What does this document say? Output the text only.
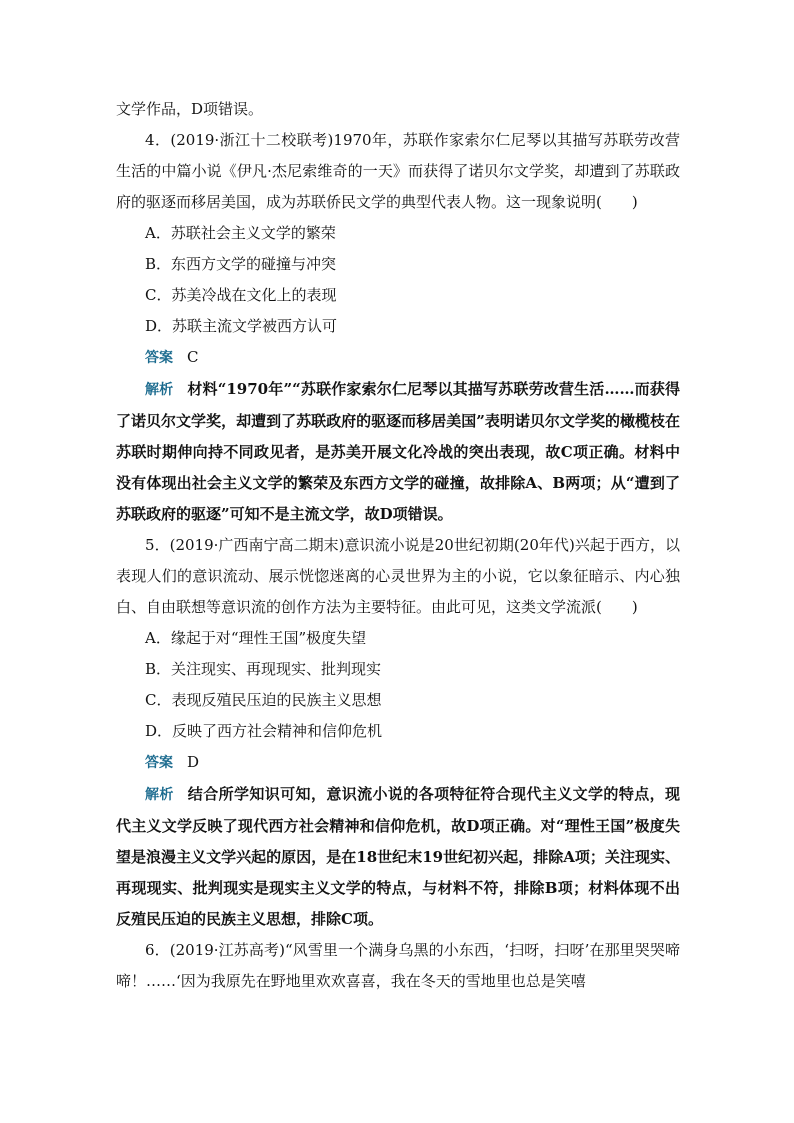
文学作品，D项错误。

4．(2019·浙江十二校联考)1970年，苏联作家索尔仁尼琴以其描写苏联劳改营生活的中篇小说《伊凡·杰尼索维奇的一天》而获得了诺贝尔文学奖，却遭到了苏联政府的驱逐而移居美国，成为苏联侨民文学的典型代表人物。这一现象说明(　　)

A．苏联社会主义文学的繁荣

B．东西方文学的碰撞与冲突

C．苏美冷战在文化上的表现

D．苏联主流文学被西方认可

答案 C

解析 材料“1970年”“苏联作家索尔仁尼琴以其描写苏联劳改营生活……而获得了诺贝尔文学奖，却遭到了苏联政府的驱逐而移居美国”表明诺贝尔文学奖的橄榄枝在苏联时期伸向持不同政见者，是苏美开展文化冷战的突出表现，故C项正确。材料中没有体现出社会主义文学的繁荣及东西方文学的碰撞，故排除A、B两项；从“遭到了苏联政府的驱逐”可知不是主流文学，故D项错误。

5．(2019·广西南宁高二期末)意识流小说是20世纪初期(20年代)兴起于西方，以表现人们的意识流动、展示恍惚迷离的心灵世界为主的小说，它以象征暗示、内心独白、自由联想等意识流的创作方法为主要特征。由此可见，这类文学流派(　　)

A．缘起于对“理性王国”极度失望

B．关注现实、再现现实、批判现实

C．表现反殖民压迫的民族主义思想

D．反映了西方社会精神和信仰危机

答案 D

解析 结合所学知识可知，意识流小说的各项特征符合现代主义文学的特点，现代主义文学反映了现代西方社会精神和信仰危机，故D项正确。对“理性王国”极度失望是浪漫主义文学兴起的原因，是在18世纪末19世纪初兴起，排除A项；关注现实、再现现实、批判现实是现实主义文学的特点，与材料不符，排除B项；材料体现不出反殖民压迫的民族主义思想，排除C项。

6．(2019·江苏高考)“风雪里一个满身乌黑的小东西，‘扫呀，扫呀’在那里哭哭啼啼！……‘因为我原先在野地里欢欢喜喜，我在冬天的雪地里也总是笑嘻
